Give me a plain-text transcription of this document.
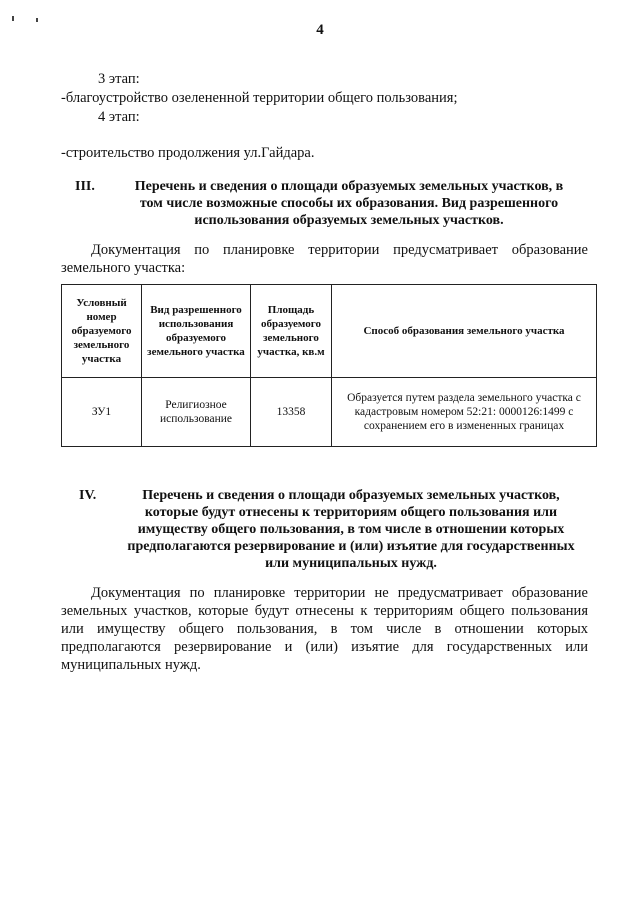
4
3 этап:
-благоустройство озелененной территории общего пользования;
4 этап:
-строительство продолжения ул.Гайдара.
III.	Перечень и сведения о площади образуемых земельных участков, в
том числе возможные способы их образования. Вид разрешенного
использования образуемых земельных участков.
Документация по планировке территории предусматривает образование
земельного участка:
Условный номер образуемого земельного участка	Вид разрешенного использования образуемого земельного участка	Площадь образуемого земельного участка, кв.м	Способ образования земельного участка
ЗУ1	Религиозное использование	13358	Образуется путем раздела земельного участка с кадастровым номером 52:21: 0000126:1499 с сохранением его в измененных границах
IV.	Перечень и сведения о площади образуемых земельных участков,
которые будут отнесены к территориям общего пользования или
имуществу общего пользования, в том числе в отношении которых
предполагаются резервирование и (или) изъятие для государственных
или муниципальных нужд.
Документация по планировке территории не предусматривает образование земельных участков, которые будут отнесены к территориям общего пользования или имуществу общего пользования, в том числе в отношении которых предполагаются резервирование и (или) изъятие для государственных или муниципальных нужд.
